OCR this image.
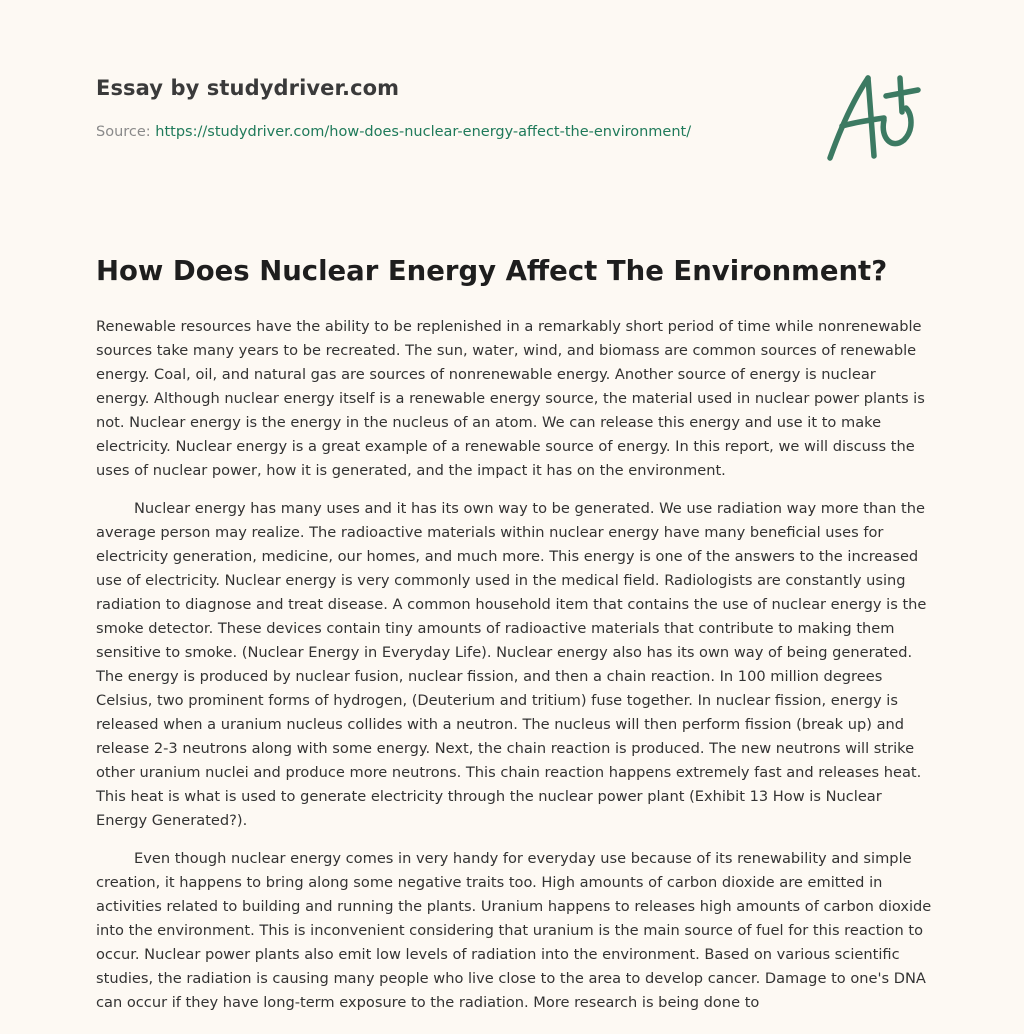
Essay by studydriver.com
Source: https://studydriver.com/how-does-nuclear-energy-affect-the-environment/
How Does Nuclear Energy Affect The Environment?

Renewable resources have the ability to be replenished in a remarkably short period of time while nonrenewable sources take many years to be recreated. The sun, water, wind, and biomass are common sources of renewable energy. Coal, oil, and natural gas are sources of nonrenewable energy. Another source of energy is nuclear energy. Although nuclear energy itself is a renewable energy source, the material used in nuclear power plants is not. Nuclear energy is the energy in the nucleus of an atom. We can release this energy and use it to make electricity. Nuclear energy is a great example of a renewable source of energy. In this report, we will discuss the uses of nuclear power, how it is generated, and the impact it has on the environment.

Nuclear energy has many uses and it has its own way to be generated. We use radiation way more than the average person may realize. The radioactive materials within nuclear energy have many beneficial uses for electricity generation, medicine, our homes, and much more. This energy is one of the answers to the increased use of electricity. Nuclear energy is very commonly used in the medical field. Radiologists are constantly using radiation to diagnose and treat disease. A common household item that contains the use of nuclear energy is the smoke detector. These devices contain tiny amounts of radioactive materials that contribute to making them sensitive to smoke. (Nuclear Energy in Everyday Life). Nuclear energy also has its own way of being generated. The energy is produced by nuclear fusion, nuclear fission, and then a chain reaction. In 100 million degrees Celsius, two prominent forms of hydrogen, (Deuterium and tritium) fuse together. In nuclear fission, energy is released when a uranium nucleus collides with a neutron. The nucleus will then perform fission (break up) and release 2-3 neutrons along with some energy. Next, the chain reaction is produced. The new neutrons will strike other uranium nuclei and produce more neutrons. This chain reaction happens extremely fast and releases heat. This heat is what is used to generate electricity through the nuclear power plant (Exhibit 13 How is Nuclear Energy Generated?).

Even though nuclear energy comes in very handy for everyday use because of its renewability and simple creation, it happens to bring along some negative traits too. High amounts of carbon dioxide are emitted in activities related to building and running the plants. Uranium happens to releases high amounts of carbon dioxide into the environment. This is inconvenient considering that uranium is the main source of fuel for this reaction to occur. Nuclear power plants also emit low levels of radiation into the environment. Based on various scientific studies, the radiation is causing many people who live close to the area to develop cancer. Damage to one's DNA can occur if they have long-term exposure to the radiation. More research is being done to
